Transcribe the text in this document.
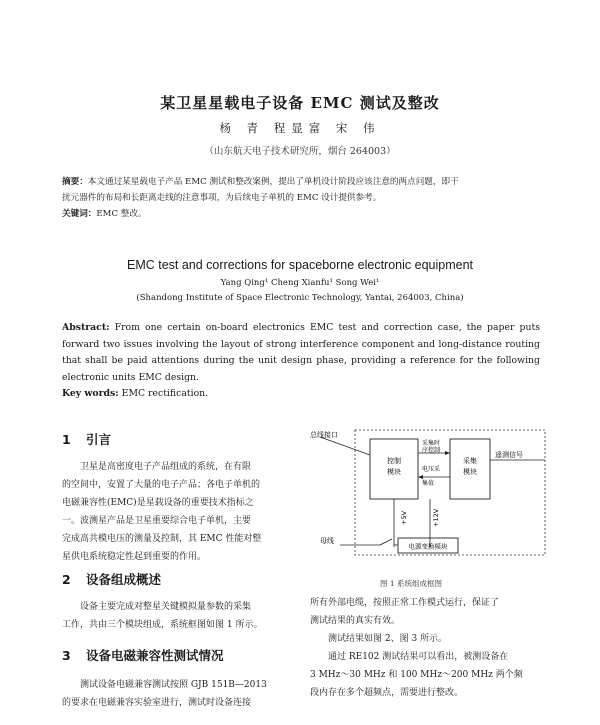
某卫星星载电子设备 EMC 测试及整改
杨 青 程显富 宋 伟
（山东航天电子技术研究所，烟台 264003）
摘要：本文通过某星载电子产品 EMC 测试和整改案例，提出了单机设计阶段应该注意的两点问题，即干
扰元器件的布局和长距离走线的注意事项，为后续电子单机的 EMC 设计提供参考。
关键词：EMC 整改。
EMC test and corrections for spaceborne electronic equipment
Yang Qing¹ Cheng Xianfu¹ Song Wei¹
(Shandong Institute of Space Electronic Technology, Yantai, 264003, China)
Abstract: From one certain on-board electronics EMC test and correction case, the paper puts forward two issues involving the layout of strong interference component and long-distance routing that shall be paid attentions during the unit design phase, providing a reference for the following electronic units EMC design.
Key words: EMC rectification.
1 引言
卫星是高密度电子产品组成的系统，在有限
的空间中，安置了大量的电子产品；各电子单机的
电磁兼容性(EMC)是星载设备的重要技术指标之
一。波测星产品是卫星重要综合电子单机，主要
完成高共模电压的测量及控制，其 EMC 性能对整
星供电系统稳定性起到重要的作用。
2 设备组成概述
设备主要完成对整星关键模拟量参数的采集
工作，共由三个模块组成，系统框图如图 1 所示。
3 设备电磁兼容性测试情况
测试设备电磁兼容测试按照 GJB 151B—2013
的要求在电磁兼容实验室进行，测试时设备连接
控制
模块
采集
模块
总线接口
采集时
序控制
电压采
集值
遥测信号
+5V	+12V
电源变换模块
母线
图 1 系统组成框图
所有外部电缆，按照正常工作模式运行，保证了
测试结果的真实有效。
测试结果如图 2、图 3 所示。
通过 RE102 测试结果可以看出，被测设备在
3 MHz～30 MHz 和 100 MHz～200 MHz 两个频
段内存在多个超频点，需要进行整改。
